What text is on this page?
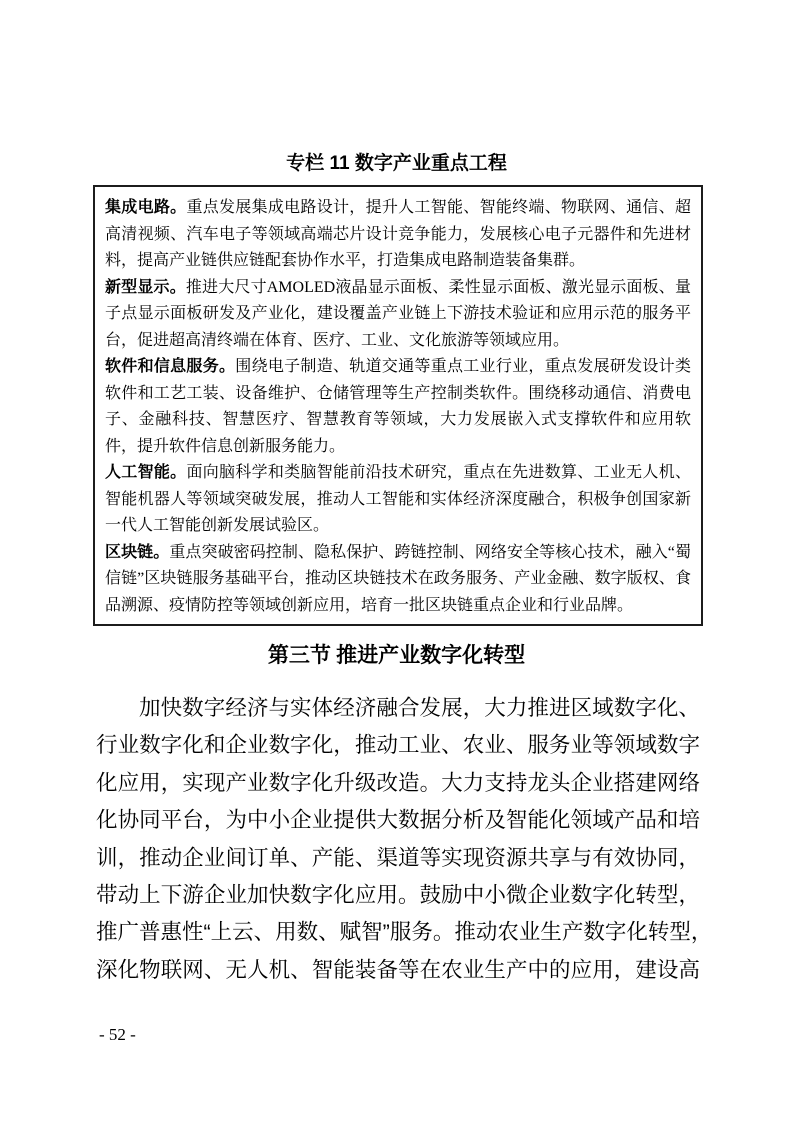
专栏 11 数字产业重点工程

集成电路。重点发展集成电路设计，提升人工智能、智能终端、物联网、通信、超高清视频、汽车电子等领域高端芯片设计竞争能力，发展核心电子元器件和先进材料，提高产业链供应链配套协作水平，打造集成电路制造装备集群。

新型显示。推进大尺寸AMOLED液晶显示面板、柔性显示面板、激光显示面板、量子点显示面板研发及产业化，建设覆盖产业链上下游技术验证和应用示范的服务平台，促进超高清终端在体育、医疗、工业、文化旅游等领域应用。

软件和信息服务。围绕电子制造、轨道交通等重点工业行业，重点发展研发设计类软件和工艺工装、设备维护、仓储管理等生产控制类软件。围绕移动通信、消费电子、金融科技、智慧医疗、智慧教育等领域，大力发展嵌入式支撑软件和应用软件，提升软件信息创新服务能力。

人工智能。面向脑科学和类脑智能前沿技术研究，重点在先进数算、工业无人机、智能机器人等领域突破发展，推动人工智能和实体经济深度融合，积极争创国家新一代人工智能创新发展试验区。

区块链。重点突破密码控制、隐私保护、跨链控制、网络安全等核心技术，融入“蜀信链”区块链服务基础平台，推动区块链技术在政务服务、产业金融、数字版权、食品溯源、疫情防控等领域创新应用，培育一批区块链重点企业和行业品牌。

第三节 推进产业数字化转型
加快数字经济与实体经济融合发展，大力推进区域数字化、
行业数字化和企业数字化，推动工业、农业、服务业等领域数字
化应用，实现产业数字化升级改造。大力支持龙头企业搭建网络
化协同平台，为中小企业提供大数据分析及智能化领域产品和培
训，推动企业间订单、产能、渠道等实现资源共享与有效协同，
带动上下游企业加快数字化应用。鼓励中小微企业数字化转型，
推广普惠性“上云、用数、赋智”服务。推动农业生产数字化转型，
深化物联网、无人机、智能装备等在农业生产中的应用，建设高
- 52 -
